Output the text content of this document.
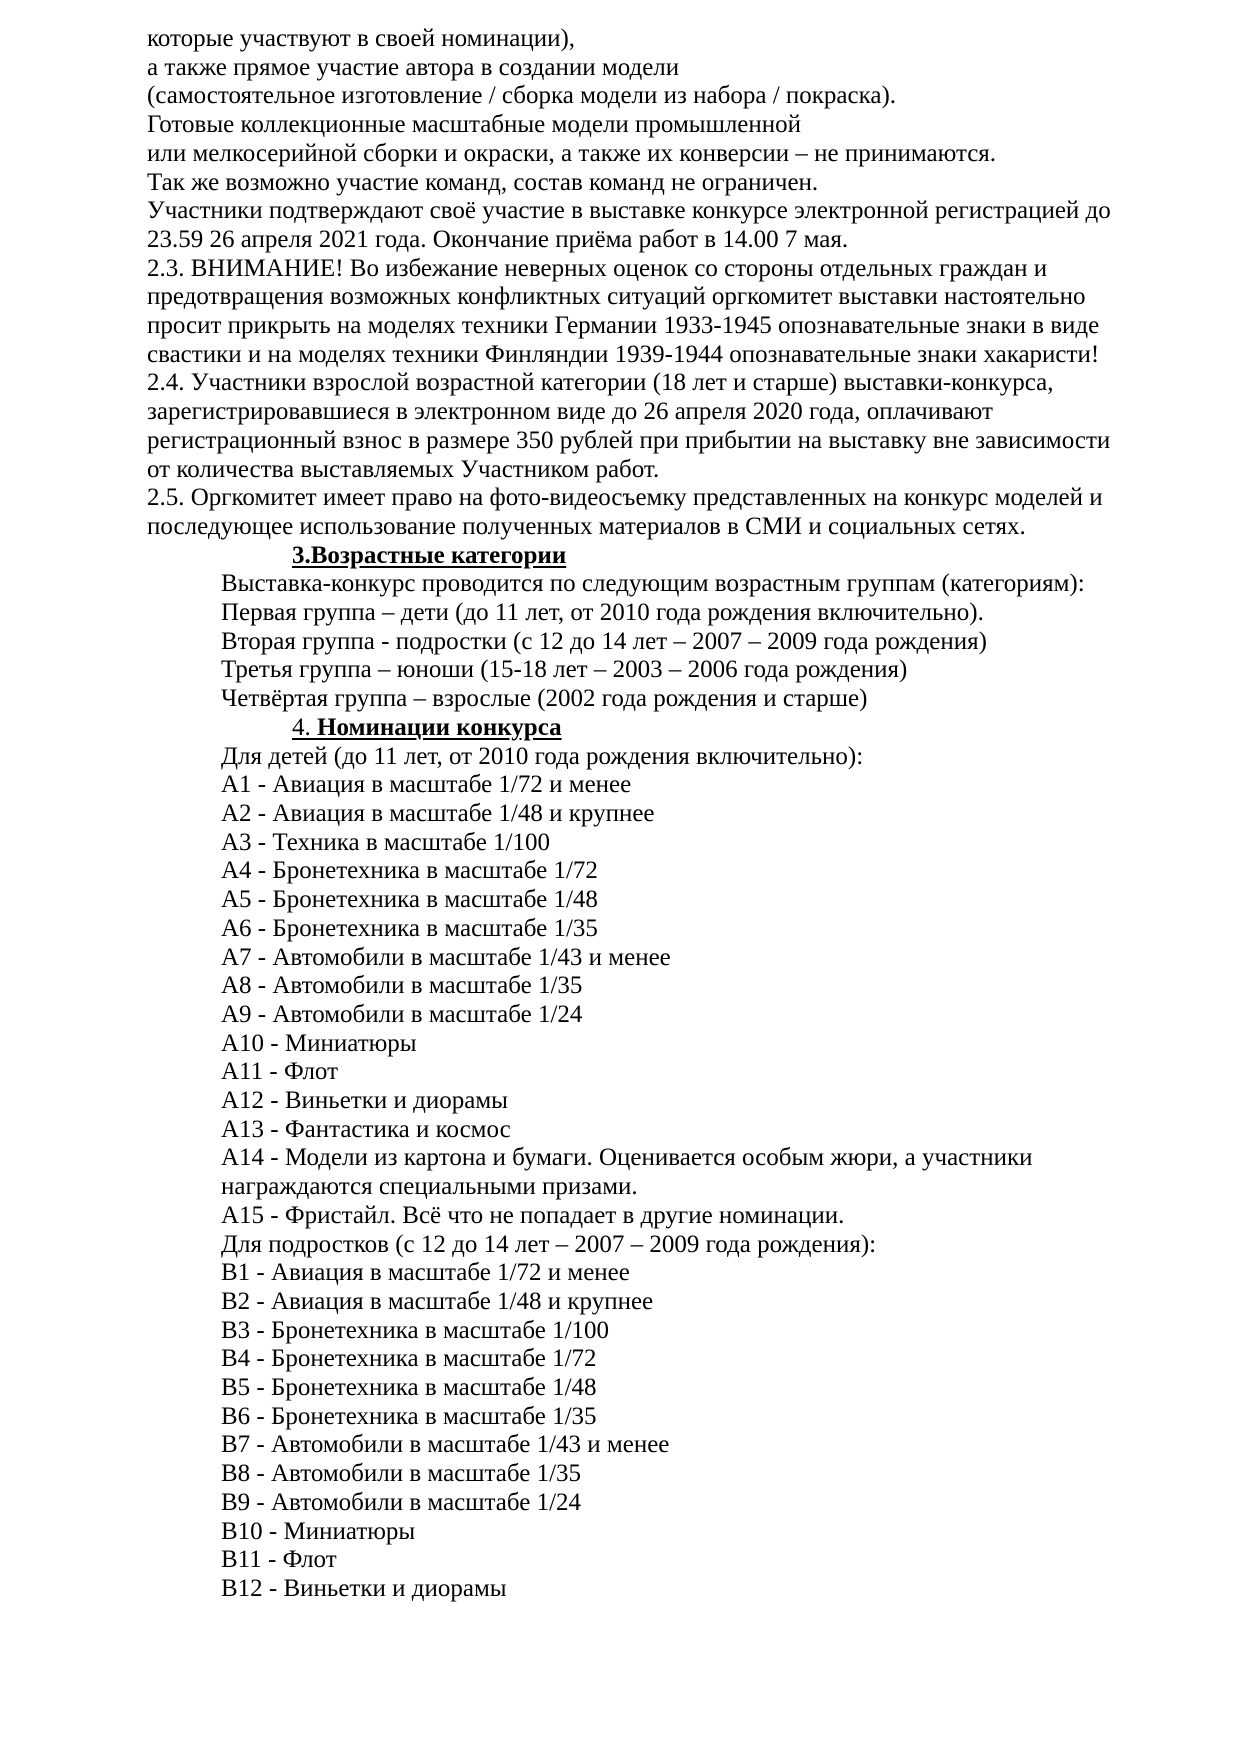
которые участвуют в своей номинации),
а также прямое участие автора в создании модели
(самостоятельное изготовление / сборка модели из набора / покраска).
Готовые коллекционные масштабные модели промышленной
или мелкосерийной сборки и окраски, а также их конверсии – не принимаются.
Так же возможно участие команд, состав команд не ограничен.
Участники подтверждают своё участие в выставке конкурсе электронной регистрацией до
23.59 26 апреля 2021 года. Окончание приёма работ в 14.00 7 мая.
2.3. ВНИМАНИЕ! Во избежание неверных оценок со стороны отдельных граждан и
предотвращения возможных конфликтных ситуаций оргкомитет выставки настоятельно
просит прикрыть на моделях техники Германии 1933-1945 опознавательные знаки в виде
свастики и на моделях техники Финляндии 1939-1944 опознавательные знаки хакаристи!
2.4. Участники взрослой возрастной категории (18 лет и старше) выставки-конкурса,
зарегистрировавшиеся в электронном виде до 26 апреля 2020 года, оплачивают
регистрационный взнос в размере 350 рублей при прибытии на выставку вне зависимости
от количества выставляемых Участником работ.
2.5. Оргкомитет имеет право на фото-видеосъемку представленных на конкурс моделей и
последующее использование полученных материалов в СМИ и социальных сетях.
3.Возрастные категории
Выставка-конкурс проводится по следующим возрастным группам (категориям):
Первая группа – дети (до 11 лет, от 2010 года рождения включительно).
Вторая группа - подростки (с 12 до 14 лет – 2007 – 2009 года рождения)
Третья группа – юноши (15-18 лет – 2003 – 2006 года рождения)
Четвёртая группа – взрослые (2002 года рождения и старше)
4. Номинации конкурса
Для детей (до 11 лет, от 2010 года рождения включительно):
А1 - Авиация в масштабе 1/72 и менее
А2 - Авиация в масштабе 1/48 и крупнее
А3 - Техника в масштабе 1/100
А4 - Бронетехника в масштабе 1/72
А5 - Бронетехника в масштабе 1/48
А6 - Бронетехника в масштабе 1/35
А7 - Автомобили в масштабе 1/43 и менее
А8 - Автомобили в масштабе 1/35
А9 - Автомобили в масштабе 1/24
А10 - Миниатюры
А11 - Флот
А12 - Виньетки и диорамы
А13 - Фантастика и космос
А14 - Модели из картона и бумаги. Оценивается особым жюри, а участники
награждаются специальными призами.
А15 - Фристайл. Всё что не попадает в другие номинации.
Для подростков (с 12 до 14 лет – 2007 – 2009 года рождения):
В1 - Авиация в масштабе 1/72 и менее
В2 - Авиация в масштабе 1/48 и крупнее
В3 - Бронетехника в масштабе 1/100
В4 - Бронетехника в масштабе 1/72
В5 - Бронетехника в масштабе 1/48
В6 - Бронетехника в масштабе 1/35
В7 - Автомобили в масштабе 1/43 и менее
В8 - Автомобили в масштабе 1/35
В9 - Автомобили в масштабе 1/24
В10 - Миниатюры
В11 - Флот
В12 - Виньетки и диорамы
